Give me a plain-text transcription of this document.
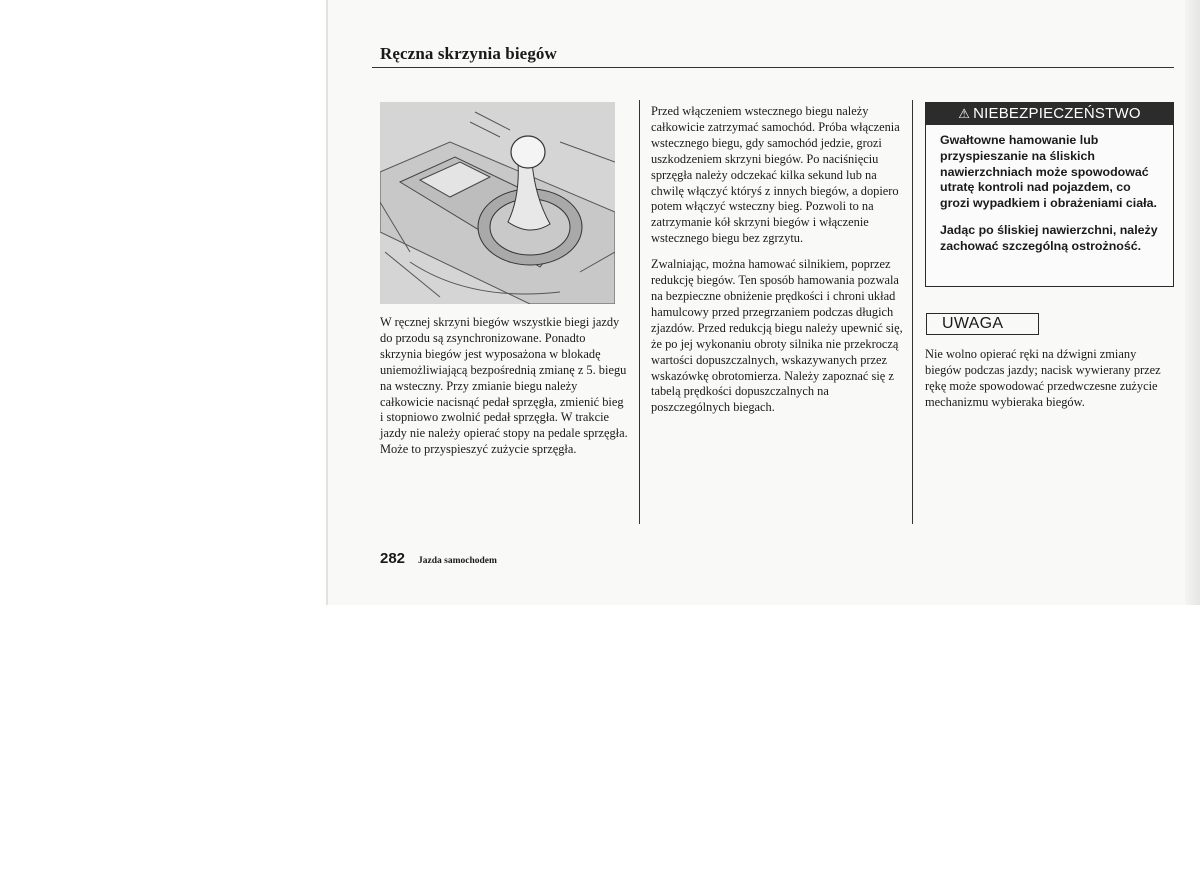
Ręczna skrzynia biegów

W ręcznej skrzyni biegów wszystkie biegi jazdy do przodu są zsynchronizowane. Ponadto skrzynia biegów jest wyposażona w blokadę uniemożliwiającą bezpośrednią zmianę z 5. biegu na wsteczny. Przy zmianie biegu należy całkowicie nacisnąć pedał sprzęgła, zmienić bieg i stopniowo zwolnić pedał sprzęgła. W trakcie jazdy nie należy opierać stopy na pedale sprzęgła. Może to przyspieszyć zużycie sprzęgła.

Przed włączeniem wstecznego biegu należy całkowicie zatrzymać samochód. Próba włączenia wstecznego biegu, gdy samochód jedzie, grozi uszkodzeniem skrzyni biegów. Po naciśnięciu sprzęgła należy odczekać kilka sekund lub na chwilę włączyć któryś z innych biegów, a dopiero potem włączyć wsteczny bieg. Pozwoli to na zatrzymanie kół skrzyni biegów i włączenie wstecznego biegu bez zgrzytu.

Zwalniając, można hamować silnikiem, poprzez redukcję biegów. Ten sposób hamowania pozwala na bezpieczne obniżenie prędkości i chroni układ hamulcowy przed przegrzaniem podczas długich zjazdów. Przed redukcją biegu należy upewnić się, że po jej wykonaniu obroty silnika nie przekroczą wartości dopuszczalnych, wskazywanych przez wskazówkę obrotomierza. Należy zapoznać się z tabelą prędkości dopuszczalnych na poszczególnych biegach.

⚠ NIEBEZPIECZEŃSTWO

Gwałtowne hamowanie lub przyspieszanie na śliskich nawierzchniach może spowodować utratę kontroli nad pojazdem, co grozi wypadkiem i obrażeniami ciała.

Jadąc po śliskiej nawierzchni, należy zachować szczególną ostrożność.

UWAGA

Nie wolno opierać ręki na dźwigni zmiany biegów podczas jazdy; nacisk wywierany przez rękę może spowodować przedwczesne zużycie mechanizmu wybieraka biegów.

282 Jazda samochodem
